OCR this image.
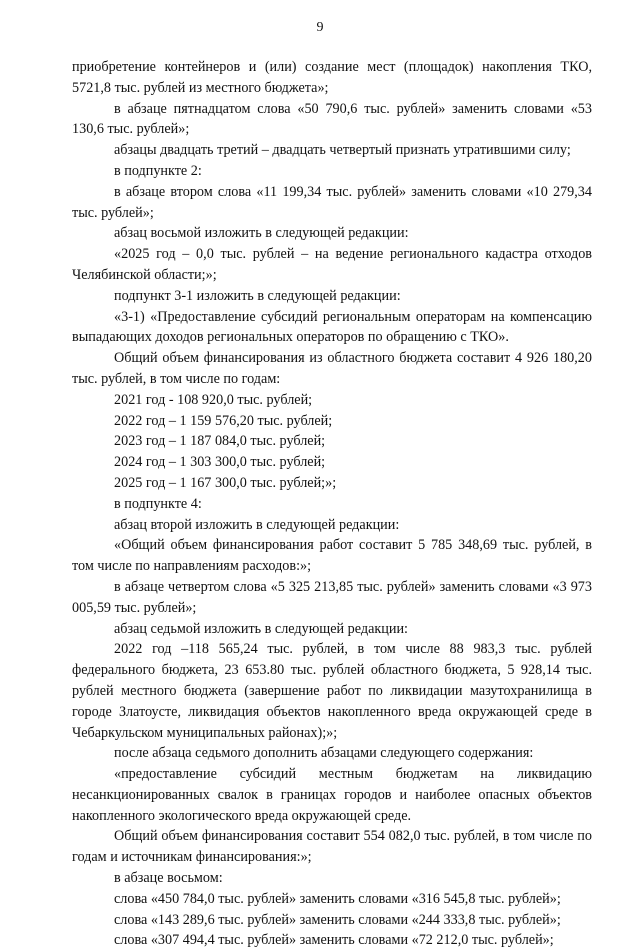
9

приобретение контейнеров и (или) создание мест (площадок) накопления ТКО, 5721,8 тыс. рублей из местного бюджета»;

в абзаце пятнадцатом слова «50 790,6 тыс. рублей» заменить словами «53 130,6 тыс. рублей»;

абзацы двадцать третий – двадцать четвертый признать утратившими силу;

в подпункте 2:

в абзаце втором слова «11 199,34 тыс. рублей» заменить словами «10 279,34 тыс. рублей»;

абзац восьмой изложить в следующей редакции:

«2025 год – 0,0 тыс. рублей – на ведение регионального кадастра отходов Челябинской области;»;

подпункт 3-1 изложить в следующей редакции:

«3-1) «Предоставление субсидий региональным операторам на компенсацию выпадающих доходов региональных операторов по обращению с ТКО».

Общий объем финансирования из областного бюджета составит 4 926 180,20 тыс. рублей, в том числе по годам:

2021 год - 108 920,0 тыс. рублей;

2022 год – 1 159 576,20 тыс. рублей;

2023 год – 1 187 084,0 тыс. рублей;

2024 год – 1 303 300,0 тыс. рублей;

2025 год – 1 167 300,0 тыс. рублей;»;

в подпункте 4:

абзац второй изложить в следующей редакции:

«Общий объем финансирования работ составит 5 785 348,69 тыс. рублей, в том числе по направлениям расходов:»;

в абзаце четвертом слова «5 325 213,85 тыс. рублей» заменить словами «3 973 005,59 тыс. рублей»;

абзац седьмой изложить в следующей редакции:

2022 год –118 565,24 тыс. рублей, в том числе 88 983,3 тыс. рублей федерального бюджета, 23 653.80 тыс. рублей областного бюджета, 5 928,14 тыс. рублей местного бюджета (завершение работ по ликвидации мазутохранилища в городе Златоусте, ликвидация объектов накопленного вреда окружающей среде в Чебаркульском муниципальных районах);»;

после абзаца седьмого дополнить абзацами следующего содержания:

«предоставление субсидий местным бюджетам на ликвидацию несанкционированных свалок в границах городов и наиболее опасных объектов накопленного экологического вреда окружающей среде.

Общий объем финансирования составит 554 082,0 тыс. рублей, в том числе по годам и источникам финансирования:»;

в абзаце восьмом:

слова «450 784,0 тыс. рублей» заменить словами «316 545,8 тыс. рублей»;

слова «143 289,6 тыс. рублей» заменить словами «244 333,8 тыс. рублей»;

слова «307 494,4 тыс. рублей» заменить словами «72 212,0 тыс. рублей»;
